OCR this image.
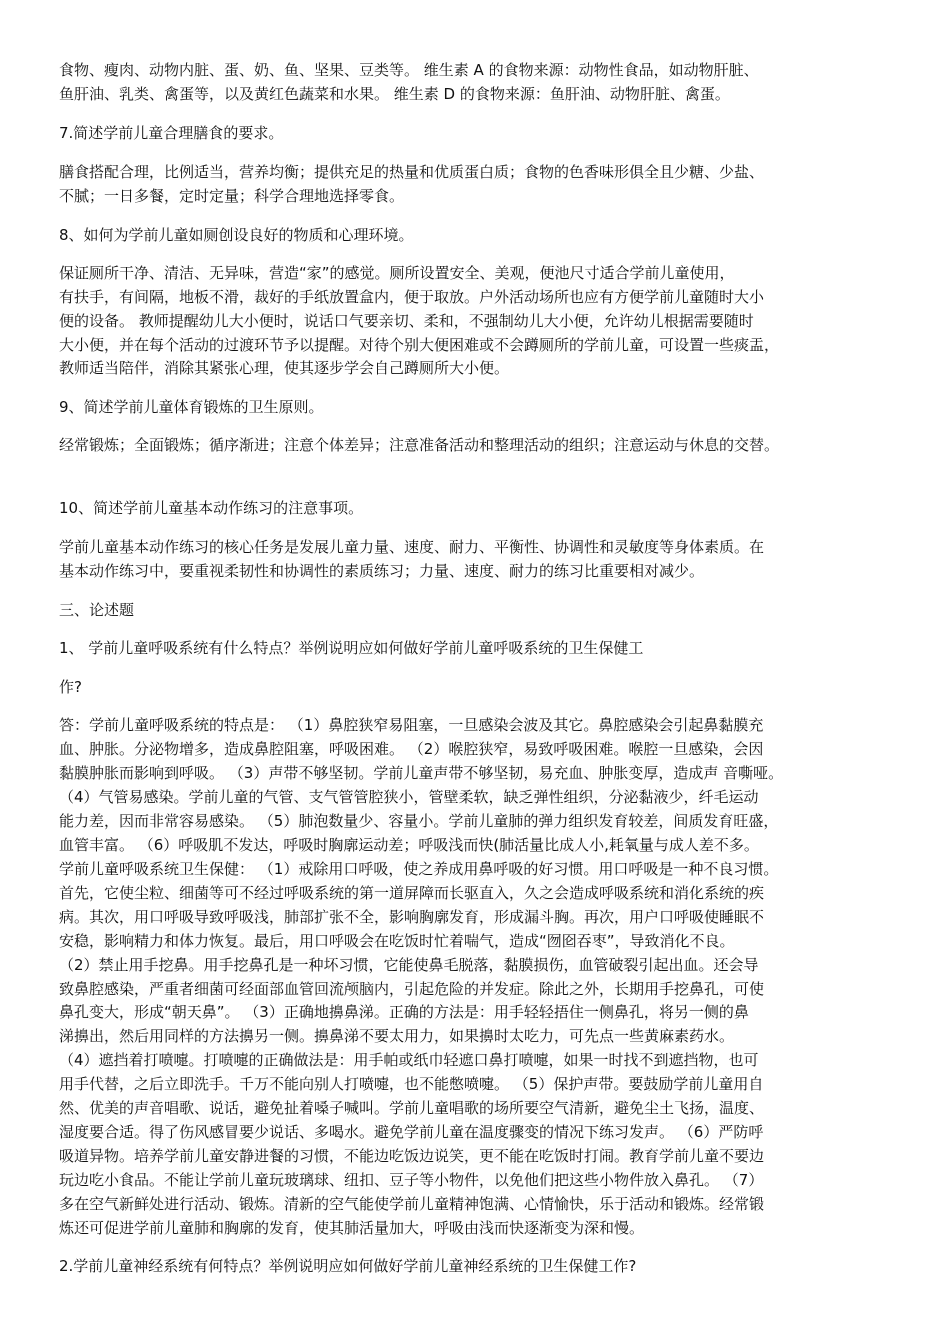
食物、瘦肉、动物内脏、蛋、奶、鱼、坚果、豆类等。 维生素 A 的食物来源：动物性食品，如动物肝脏、
鱼肝油、乳类、禽蛋等，以及黄红色蔬菜和水果。 维生素 D 的食物来源：鱼肝油、动物肝脏、禽蛋。
7.简述学前儿童合理膳食的要求。
膳食搭配合理，比例适当，营养均衡；提供充足的热量和优质蛋白质；食物的色香味形俱全且少糖、少盐、
不腻；一日多餐，定时定量；科学合理地选择零食。
8、如何为学前儿童如厕创设良好的物质和心理环境。
保证厕所干净、清洁、无异味，营造“家”的感觉。厕所设置安全、美观，便池尺寸适合学前儿童使用，
有扶手，有间隔，地板不滑，裁好的手纸放置盒内，便于取放。户外活动场所也应有方便学前儿童随时大小
便的设备。 教师提醒幼儿大小便时，说话口气要亲切、柔和，不强制幼儿大小便，允许幼儿根据需要随时
大小便，并在每个活动的过渡环节予以提醒。对待个别大便困难或不会蹲厕所的学前儿童，可设置一些痰盂，
教师适当陪伴，消除其紧张心理，使其逐步学会自己蹲厕所大小便。
9、简述学前儿童体育锻炼的卫生原则。
经常锻炼；全面锻炼；循序渐进；注意个体差异；注意准备活动和整理活动的组织；注意运动与休息的交替。
10、简述学前儿童基本动作练习的注意事项。
学前儿童基本动作练习的核心任务是发展儿童力量、速度、耐力、平衡性、协调性和灵敏度等身体素质。在
基本动作练习中，要重视柔韧性和协调性的素质练习；力量、速度、耐力的练习比重要相对减少。
三、论述题
1、 学前儿童呼吸系统有什么特点？举例说明应如何做好学前儿童呼吸系统的卫生保健工
作?
答：学前儿童呼吸系统的特点是： （1）鼻腔狭窄易阻塞，一旦感染会波及其它。鼻腔感染会引起鼻黏膜充
血、肿胀。分泌物增多，造成鼻腔阻塞，呼吸困难。 （2）喉腔狭窄，易致呼吸困难。喉腔一旦感染，会因
黏膜肿胀而影响到呼吸。 （3）声带不够坚韧。学前儿童声带不够坚韧，易充血、肿胀变厚，造成声 音嘶哑。
（4）气管易感染。学前儿童的气管、支气管管腔狭小，管壁柔软，缺乏弹性组织，分泌黏液少，纤毛运动
能力差，因而非常容易感染。 （5）肺泡数量少、容量小。学前儿童肺的弹力组织发育较差，间质发育旺盛，
血管丰富。 （6）呼吸肌不发达，呼吸时胸廓运动差；呼吸浅而快(肺活量比成人小,耗氧量与成人差不多。
学前儿童呼吸系统卫生保健： （1）戒除用口呼吸，使之养成用鼻呼吸的好习惯。用口呼吸是一种不良习惯。
首先，它使尘粒、细菌等可不经过呼吸系统的第一道屏障而长驱直入，久之会造成呼吸系统和消化系统的疾
病。其次，用口呼吸导致呼吸浅，肺部扩张不全，影响胸廓发育，形成漏斗胸。再次，用户口呼吸使睡眠不
安稳，影响精力和体力恢复。最后，用口呼吸会在吃饭时忙着喘气，造成“囫囵吞枣”，导致消化不良。
（2）禁止用手挖鼻。用手挖鼻孔是一种坏习惯，它能使鼻毛脱落，黏膜损伤，血管破裂引起出血。还会导
致鼻腔感染，严重者细菌可经面部血管回流颅脑内，引起危险的并发症。除此之外，长期用手挖鼻孔，可使
鼻孔变大，形成“朝天鼻”。 （3）正确地擤鼻涕。正确的方法是：用手轻轻捂住一侧鼻孔，将另一侧的鼻
涕擤出，然后用同样的方法擤另一侧。擤鼻涕不要太用力，如果擤时太吃力，可先点一些黄麻素药水。
（4）遮挡着打喷嚏。打喷嚏的正确做法是：用手帕或纸巾轻遮口鼻打喷嚏，如果一时找不到遮挡物，也可
用手代替，之后立即洗手。千万不能向别人打喷嚏，也不能憋喷嚏。 （5）保护声带。要鼓励学前儿童用自
然、优美的声音唱歌、说话，避免扯着嗓子喊叫。学前儿童唱歌的场所要空气清新，避免尘土飞扬，温度、
湿度要合适。得了伤风感冒要少说话、多喝水。避免学前儿童在温度骤变的情况下练习发声。 （6）严防呼
吸道异物。培养学前儿童安静进餐的习惯，不能边吃饭边说笑，更不能在吃饭时打闹。教育学前儿童不要边
玩边吃小食品。不能让学前儿童玩玻璃球、纽扣、豆子等小物件，以免他们把这些小物件放入鼻孔。 （7）
多在空气新鲜处进行活动、锻炼。清新的空气能使学前儿童精神饱满、心情愉快，乐于活动和锻炼。经常锻
炼还可促进学前儿童肺和胸廓的发育，使其肺活量加大，呼吸由浅而快逐渐变为深和慢。
2.学前儿童神经系统有何特点？举例说明应如何做好学前儿童神经系统的卫生保健工作?
